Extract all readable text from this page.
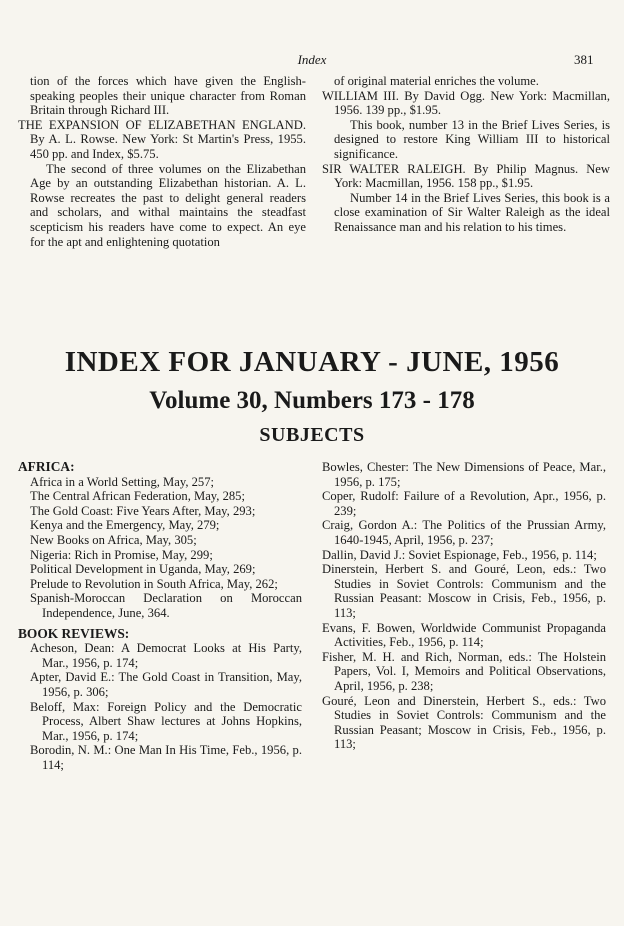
Index	381
tion of the forces which have given the English-speaking peoples their unique character from Roman Britain through Richard III.
THE EXPANSION OF ELIZABETHAN ENGLAND. By A. L. Rowse. New York: St Martin's Press, 1955. 450 pp. and Index, $5.75.
The second of three volumes on the Elizabethan Age by an outstanding Elizabethan historian. A. L. Rowse recreates the past to delight general readers and scholars, and withal maintains the steadfast scepticism his readers have come to expect. An eye for the apt and enlightening quotation
of original material enriches the volume.
WILLIAM III. By David Ogg. New York: Macmillan, 1956. 139 pp., $1.95.
This book, number 13 in the Brief Lives Series, is designed to restore King William III to historical significance.
SIR WALTER RALEIGH. By Philip Magnus. New York: Macmillan, 1956. 158 pp., $1.95.
Number 14 in the Brief Lives Series, this book is a close examination of Sir Walter Raleigh as the ideal Renaissance man and his relation to his times.
INDEX FOR JANUARY - JUNE, 1956
Volume 30, Numbers 173 - 178
SUBJECTS
AFRICA:
Africa in a World Setting, May, 257;
The Central African Federation, May, 285;
The Gold Coast: Five Years After, May, 293;
Kenya and the Emergency, May, 279;
New Books on Africa, May, 305;
Nigeria: Rich in Promise, May, 299;
Political Development in Uganda, May, 269;
Prelude to Revolution in South Africa, May, 262;
Spanish-Moroccan Declaration on Moroccan Independence, June, 364.
BOOK REVIEWS:
Acheson, Dean: A Democrat Looks at His Party, Mar., 1956, p. 174;
Apter, David E.: The Gold Coast in Transition, May, 1956, p. 306;
Beloff, Max: Foreign Policy and the Democratic Process, Albert Shaw lectures at Johns Hopkins, Mar., 1956, p. 174;
Borodin, N. M.: One Man In His Time, Feb., 1956, p. 114;
Bowles, Chester: The New Dimensions of Peace, Mar., 1956, p. 175;
Coper, Rudolf: Failure of a Revolution, Apr., 1956, p. 239;
Craig, Gordon A.: The Politics of the Prussian Army, 1640-1945, April, 1956, p. 237;
Dallin, David J.: Soviet Espionage, Feb., 1956, p. 114;
Dinerstein, Herbert S. and Gouré, Leon, eds.: Two Studies in Soviet Controls: Communism and the Russian Peasant: Moscow in Crisis, Feb., 1956, p. 113;
Evans, F. Bowen, Worldwide Communist Propaganda Activities, Feb., 1956, p. 114;
Fisher, M. H. and Rich, Norman, eds.: The Holstein Papers, Vol. I, Memoirs and Political Observations, April, 1956, p. 238;
Gouré, Leon and Dinerstein, Herbert S., eds.: Two Studies in Soviet Controls: Communism and the Russian Peasant; Moscow in Crisis, Feb., 1956, p. 113;
